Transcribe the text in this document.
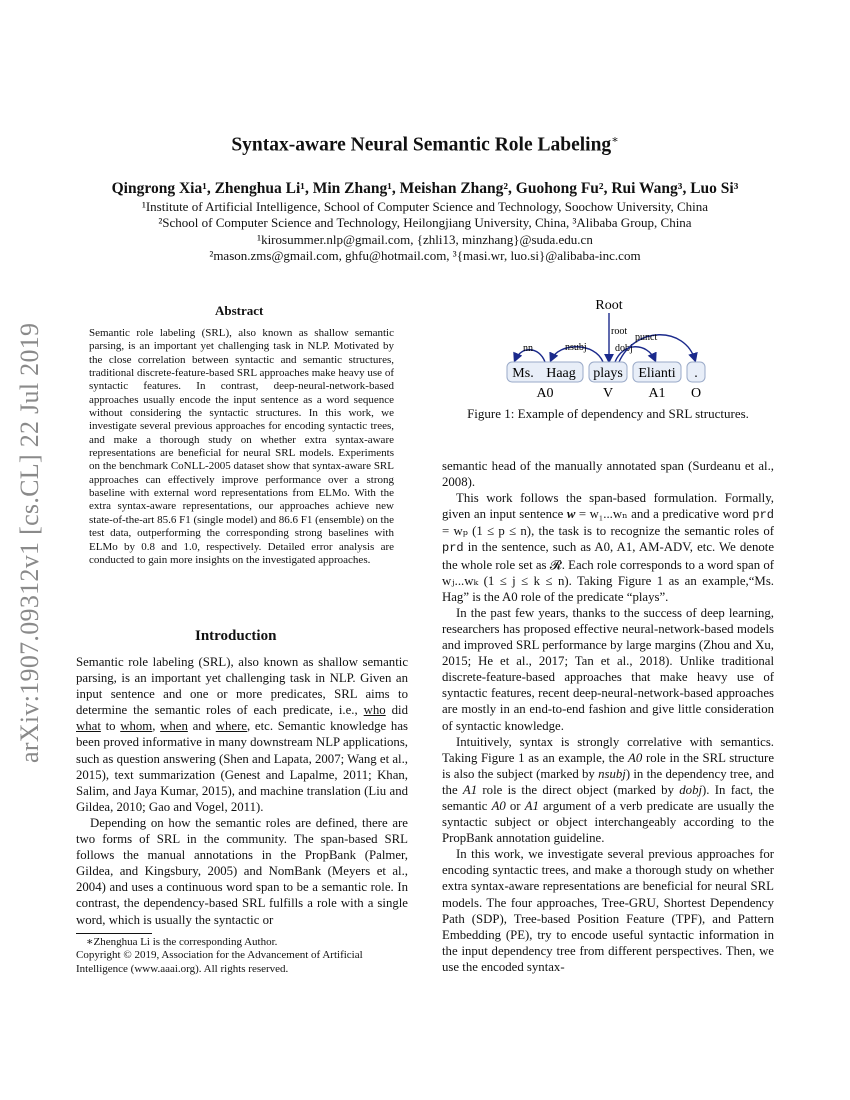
arXiv:1907.09312v1 [cs.CL] 22 Jul 2019
Syntax-aware Neural Semantic Role Labeling∗
Qingrong Xia¹, Zhenghua Li¹, Min Zhang¹, Meishan Zhang², Guohong Fu², Rui Wang³, Luo Si³
¹Institute of Artificial Intelligence, School of Computer Science and Technology, Soochow University, China
²School of Computer Science and Technology, Heilongjiang University, China, ³Alibaba Group, China
¹kirosummer.nlp@gmail.com, {zhli13, minzhang}@suda.edu.cn
²mason.zms@gmail.com, ghfu@hotmail.com, ³{masi.wr, luo.si}@alibaba-inc.com
Abstract
Semantic role labeling (SRL), also known as shallow semantic parsing, is an important yet challenging task in NLP. Motivated by the close correlation between syntactic and semantic structures, traditional discrete-feature-based SRL approaches make heavy use of syntactic features. In contrast, deep-neural-network-based approaches usually encode the input sentence as a word sequence without considering the syntactic structures. In this work, we investigate several previous approaches for encoding syntactic trees, and make a thorough study on whether extra syntax-aware representations are beneficial for neural SRL models. Experiments on the benchmark CoNLL-2005 dataset show that syntax-aware SRL approaches can effectively improve performance over a strong baseline with external word representations from ELMo. With the extra syntax-aware representations, our approaches achieve new state-of-the-art 85.6 F1 (single model) and 86.6 F1 (ensemble) on the test data, outperforming the corresponding strong baselines with ELMo by 0.8 and 1.0, respectively. Detailed error analysis are conducted to gain more insights on the investigated approaches.
Introduction

Semantic role labeling (SRL), also known as shallow semantic parsing, is an important yet challenging task in NLP. Given an input sentence and one or more predicates, SRL aims to determine the semantic roles of each predicate, i.e., who did what to whom, when and where, etc. Semantic knowledge has been proved informative in many downstream NLP applications, such as question answering (Shen and Lapata, 2007; Wang et al., 2015), text summarization (Genest and Lapalme, 2011; Khan, Salim, and Jaya Kumar, 2015), and machine translation (Liu and Gildea, 2010; Gao and Vogel, 2011).

Depending on how the semantic roles are defined, there are two forms of SRL in the community. The span-based SRL follows the manual annotations in the PropBank (Palmer, Gildea, and Kingsbury, 2005) and NomBank (Meyers et al., 2004) and uses a continuous word span to be a semantic role. In contrast, the dependency-based SRL fulfills a role with a single word, which is usually the syntactic or

∗Zhenghua Li is the corresponding Author.
Copyright © 2019, Association for the Advancement of Artificial Intelligence (www.aaai.org). All rights reserved.
Root
root
nn	nsubj	dobj
punct
Ms. Haag plays Elianti .
A0	V	A1 O
Figure 1: Example of dependency and SRL structures.

semantic head of the manually annotated span (Surdeanu et al., 2008).

This work follows the span-based formulation. Formally, given an input sentence w = w₁...wₙ and a predicative word prd = wₚ (1 ≤ p ≤ n), the task is to recognize the semantic roles of prd in the sentence, such as A0, A1, AM-ADV, etc. We denote the whole role set as 𝓡. Each role corresponds to a word span of wⱼ...wₖ (1 ≤ j ≤ k ≤ n). Taking Figure 1 as an example,“Ms. Hag” is the A0 role of the predicate “plays”.

In the past few years, thanks to the success of deep learning, researchers has proposed effective neural-network-based models and improved SRL performance by large margins (Zhou and Xu, 2015; He et al., 2017; Tan et al., 2018). Unlike traditional discrete-feature-based approaches that make heavy use of syntactic features, recent deep-neural-network-based approaches are mostly in an end-to-end fashion and give little consideration of syntactic knowledge.

Intuitively, syntax is strongly correlative with semantics. Taking Figure 1 as an example, the A0 role in the SRL structure is also the subject (marked by nsubj) in the dependency tree, and the A1 role is the direct object (marked by dobj). In fact, the semantic A0 or A1 argument of a verb predicate are usually the syntactic subject or object interchangeably according to the PropBank annotation guideline.

In this work, we investigate several previous approaches for encoding syntactic trees, and make a thorough study on whether extra syntax-aware representations are beneficial for neural SRL models. The four approaches, Tree-GRU, Shortest Dependency Path (SDP), Tree-based Position Feature (TPF), and Pattern Embedding (PE), try to encode useful syntactic information in the input dependency tree from different perspectives. Then, we use the encoded syntax-
